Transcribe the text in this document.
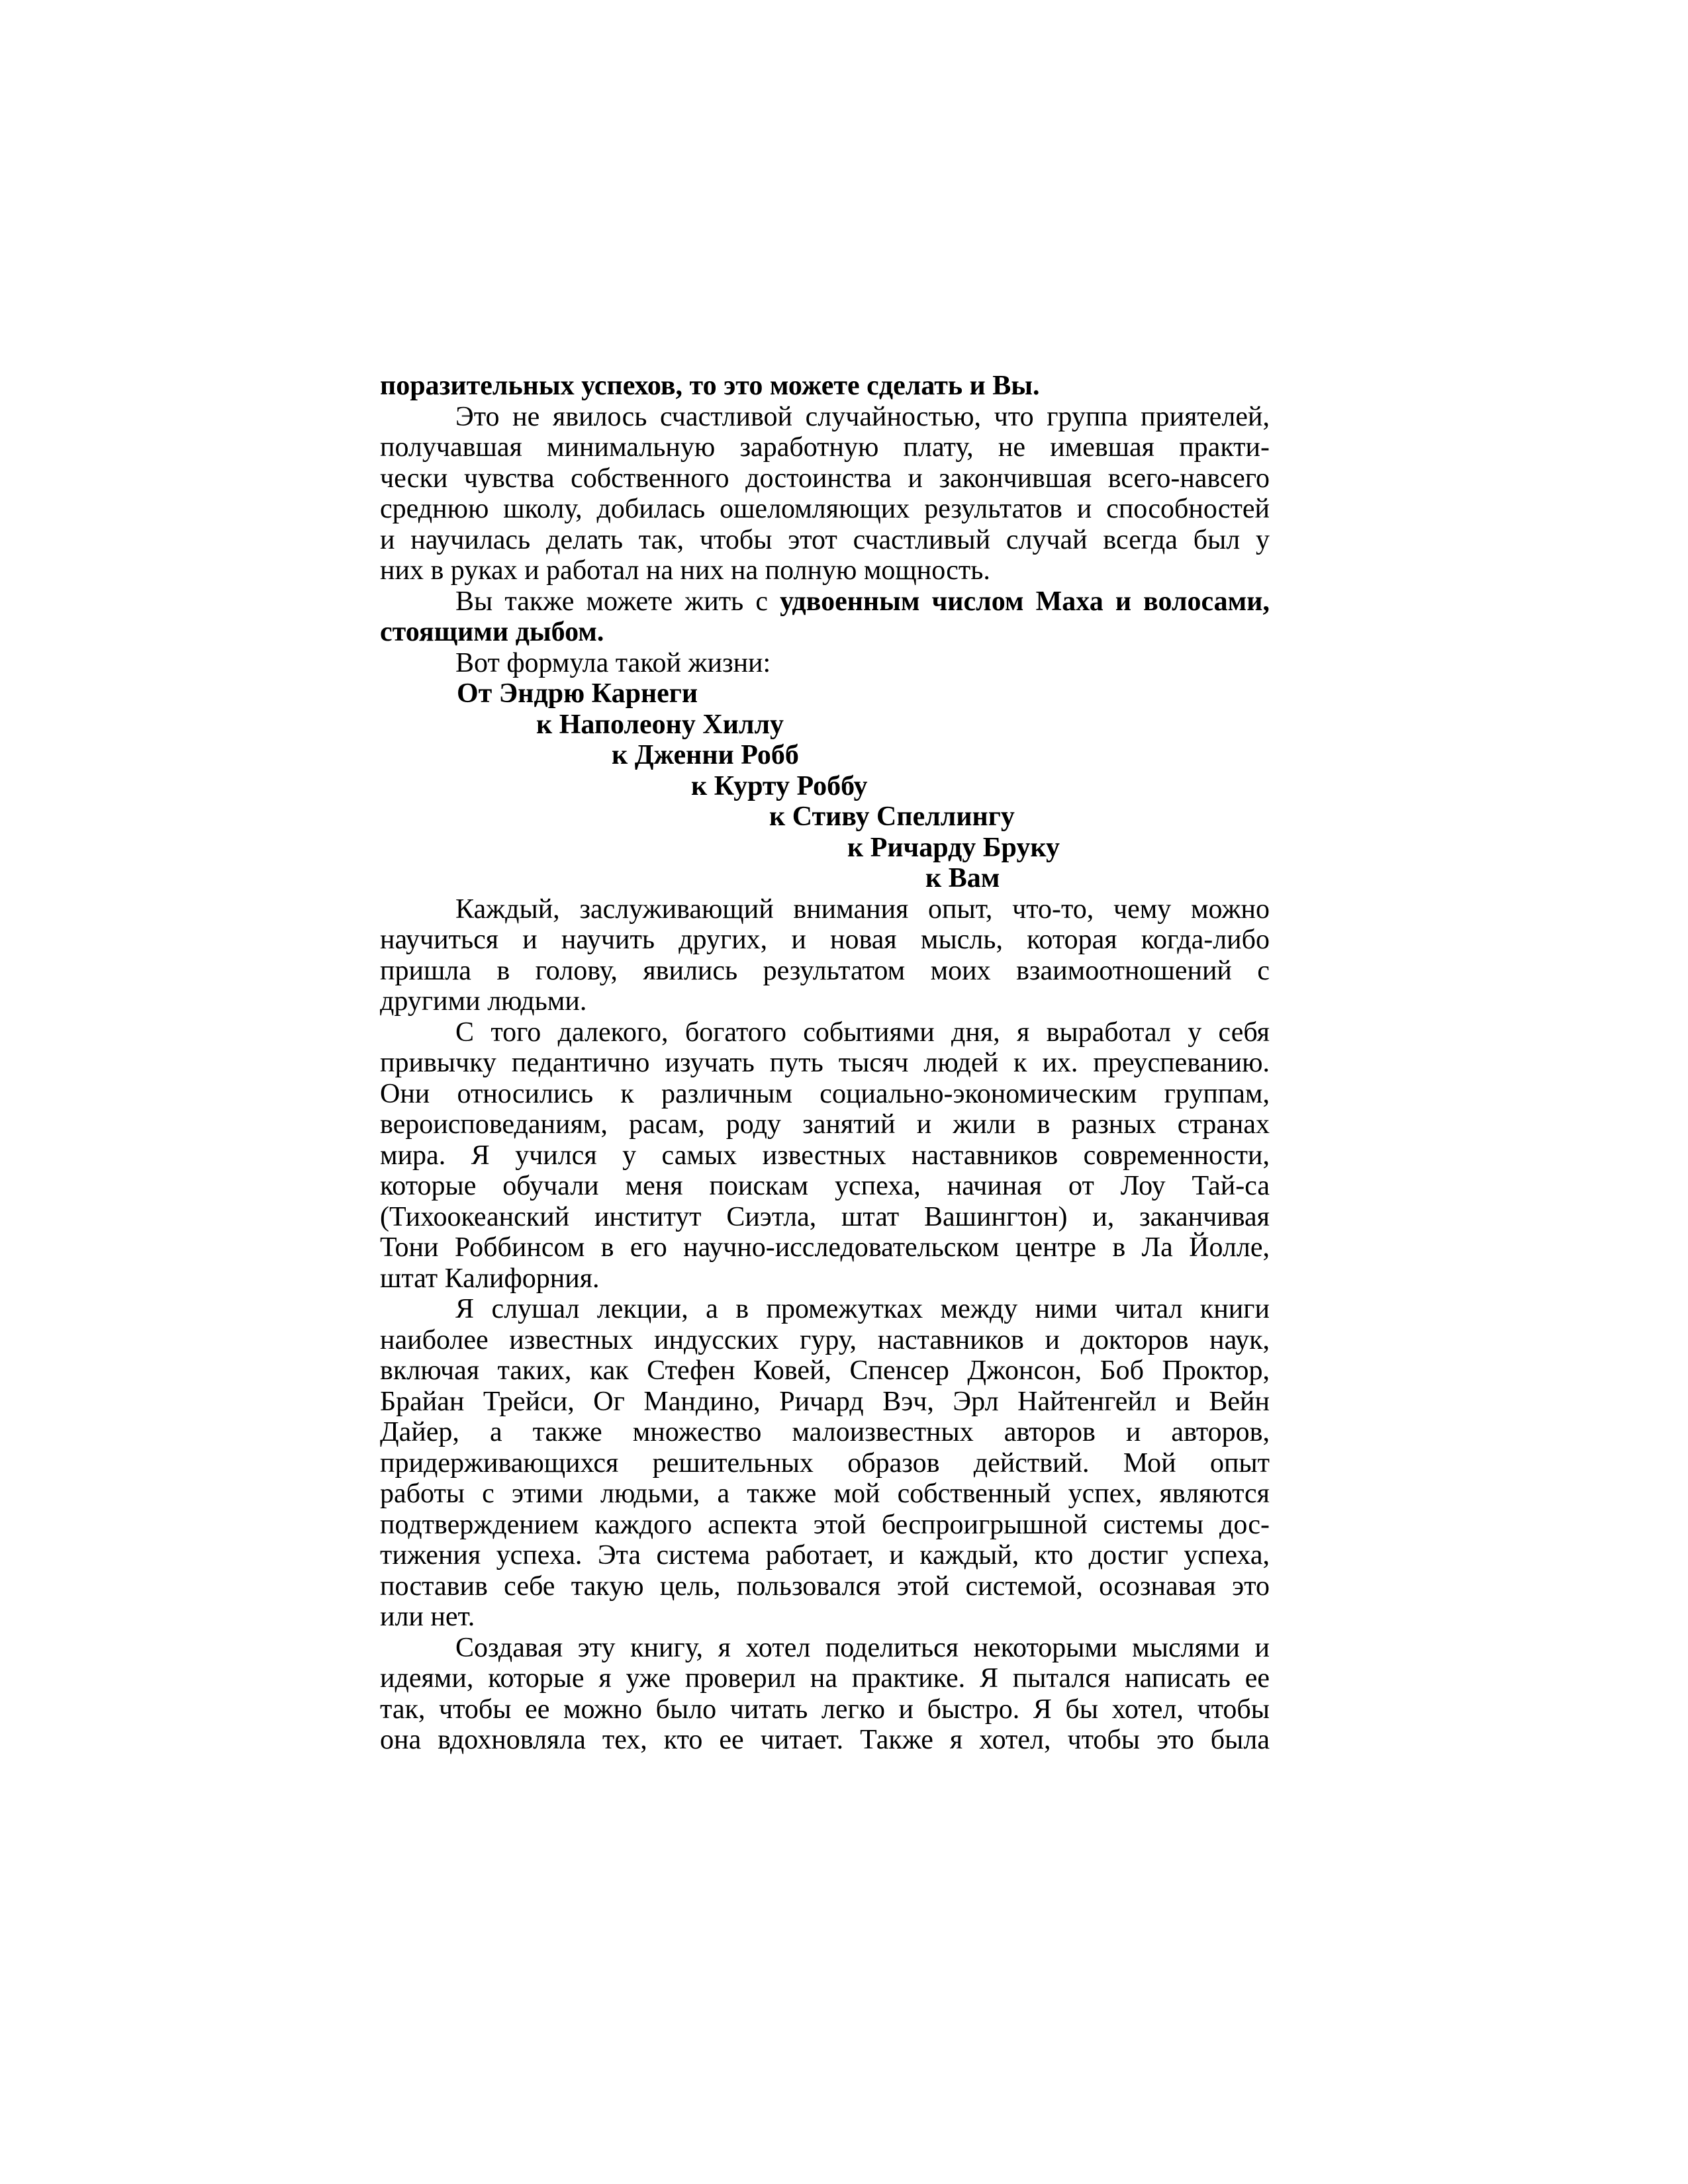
поразительных успехов, то это можете сделать и Вы.
Это не явилось счастливой случайностью, что группа приятелей,
получавшая минимальную заработную плату, не имевшая практи-
чески чувства собственного достоинства и закончившая всего-навсего
среднюю школу, добилась ошеломляющих результатов и способностей
и научилась делать так, чтобы этот счастливый случай всегда был у
них в руках и работал на них на полную мощность.
Вы также можете жить с удвоенным числом Маха и волосами,
стоящими дыбом.
Вот формула такой жизни:
От Эндрю Карнеги
к Наполеону Хиллу
к Дженни Робб
к Курту Роббу
к Стиву Спеллингу
к Ричарду Бруку
к Вам
Каждый, заслуживающий внимания опыт, что-то, чему можно
научиться и научить других, и новая мысль, которая когда-либо
пришла в голову, явились результатом моих взаимоотношений с
другими людьми.
С того далекого, богатого событиями дня, я выработал у себя
привычку педантично изучать путь тысяч людей к их. преуспеванию.
Они относились к различным социально-экономическим группам,
вероисповеданиям, расам, роду занятий и жили в разных странах
мира. Я учился у самых известных наставников современности,
которые обучали меня поискам успеха, начиная от Лоу Тай-са
(Тихоокеанский институт Сиэтла, штат Вашингтон) и, заканчивая
Тони Роббинсом в его научно-исследовательском центре в Ла Йолле,
штат Калифорния.
Я слушал лекции, а в промежутках между ними читал книги
наиболее известных индусских гуру, наставников и докторов наук,
включая таких, как Стефен Ковей, Спенсер Джонсон, Боб Проктор,
Брайан Трейси, Ог Мандино, Ричард Вэч, Эрл Найтенгейл и Вейн
Дайер, а также множество малоизвестных авторов и авторов,
придерживающихся решительных образов действий. Мой опыт
работы с этими людьми, а также мой собственный успех, являются
подтверждением каждого аспекта этой беспроигрышной системы дос-
тижения успеха. Эта система работает, и каждый, кто достиг успеха,
поставив себе такую цель, пользовался этой системой, осознавая это
или нет.
Создавая эту книгу, я хотел поделиться некоторыми мыслями и
идеями, которые я уже проверил на практике. Я пытался написать ее
так, чтобы ее можно было читать легко и быстро. Я бы хотел, чтобы
она вдохновляла тех, кто ее читает. Также я хотел, чтобы это была
